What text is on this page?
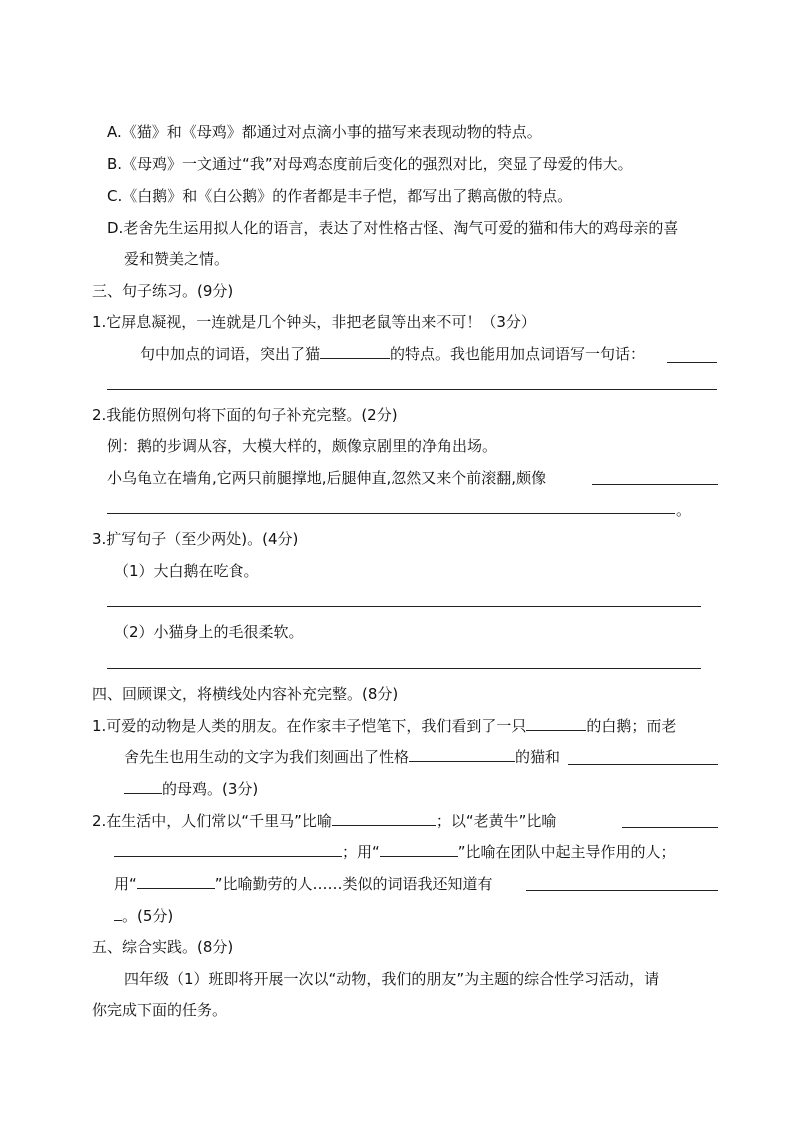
A.《猫》和《母鸡》都通过对点滴小事的描写来表现动物的特点。
B.《母鸡》一文通过“我”对母鸡态度前后变化的强烈对比，突显了母爱的伟大。
C.《白鹅》和《白公鹅》的作者都是丰子恺，都写出了鹅高傲的特点。
D.老舍先生运用拟人化的语言，表达了对性格古怪、淘气可爱的猫和伟大的鸡母亲的喜
爱和赞美之情。
三、句子练习。(9分)
1.它屏息凝视，一连就是几个钟头，非把老鼠等出来不可！（3分）
句中加点的词语，突出了猫	的特点。我也能用加点词语写一句话：
2.我能仿照例句将下面的句子补充完整。(2分)
例：鹅的步调从容，大模大样的，颇像京剧里的净角出场。
小乌龟立在墙角,它两只前腿撑地,后腿伸直,忽然又来个前滚翻,颇像
。
3.扩写句子（至少两处)。(4分)
（1）大白鹅在吃食。
（2）小猫身上的毛很柔软。
四、回顾课文，将横线处内容补充完整。(8分)
1.可爱的动物是人类的朋友。在作家丰子恺笔下，我们看到了一只	的白鹅；而老
舍先生也用生动的文字为我们刻画出了性格	的猫和
的母鸡。(3分)
2.在生活中，人们常以“千里马”比喻	；以“老黄牛”比喻
；用“	”比喻在团队中起主导作用的人；
用“	”比喻勤劳的人……类似的词语我还知道有
。(5分)
五、综合实践。(8分)
四年级（1）班即将开展一次以“动物，我们的朋友”为主题的综合性学习活动，请
你完成下面的任务。
